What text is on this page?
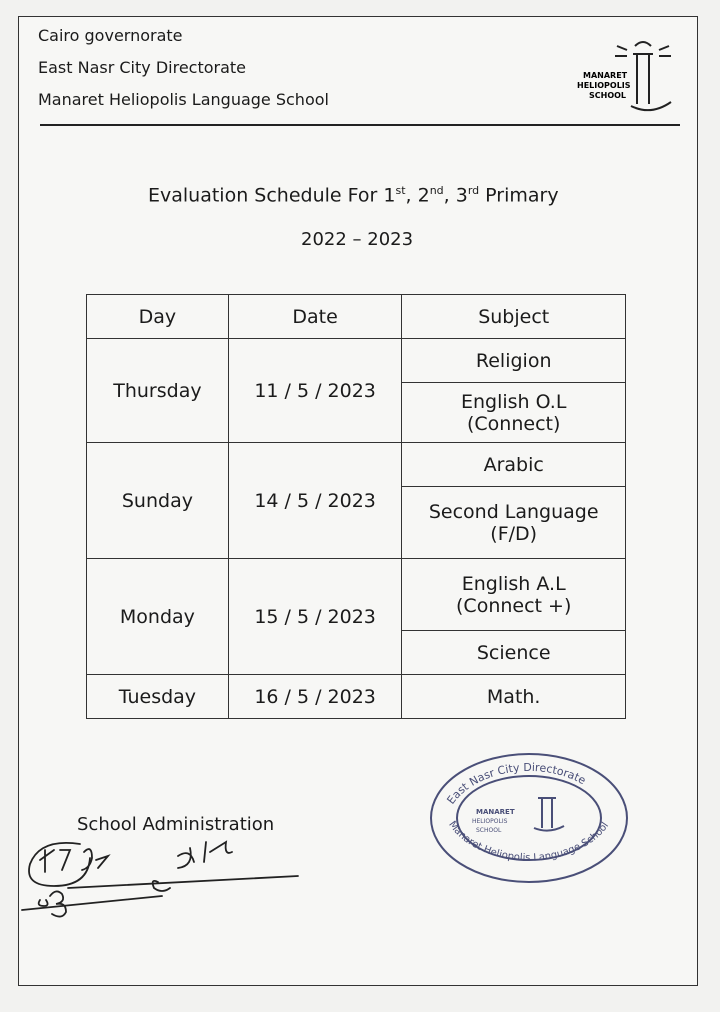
Cairo governorate
East Nasr City Directorate
Manaret Heliopolis Language School
MANARET
HELIOPOLIS
SCHOOL
Evaluation Schedule For 1st, 2nd, 3rd Primary
2022 – 2023
Day	Date	Subject
Thursday	11 / 5 / 2023	Religion

		English O.L
(Connect)

Sunday	14 / 5 / 2023	Arabic

		Second Language
(F/D)

Monday	15 / 5 / 2023	English A.L
(Connect +)

		Science
Tuesday	16 / 5 / 2023	Math.
East Nasr City Directorate
Manaret Heliopolis Language School
MANARET
HELIOPOLIS
SCHOOL
School Administration
